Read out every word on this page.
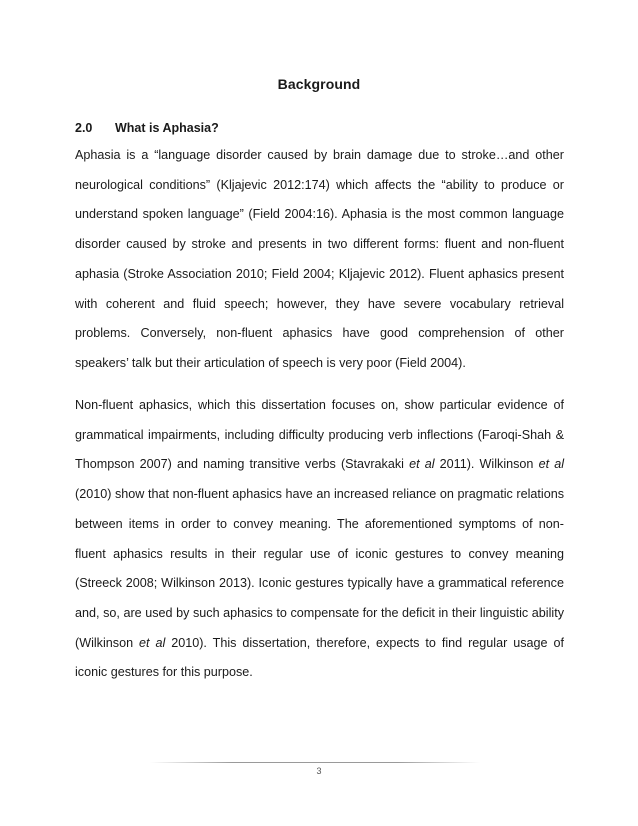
Background
2.0 What is Aphasia?

Aphasia is a “language disorder caused by brain damage due to stroke…and other neurological conditions” (Kljajevic 2012:174) which affects the “ability to produce or understand spoken language” (Field 2004:16). Aphasia is the most common language disorder caused by stroke and presents in two different forms: fluent and non-fluent aphasia (Stroke Association 2010; Field 2004; Kljajevic 2012). Fluent aphasics present with coherent and fluid speech; however, they have severe vocabulary retrieval problems. Conversely, non-fluent aphasics have good comprehension of other speakers’ talk but their articulation of speech is very poor (Field 2004).

Non-fluent aphasics, which this dissertation focuses on, show particular evidence of grammatical impairments, including difficulty producing verb inflections (Faroqi-Shah & Thompson 2007) and naming transitive verbs (Stavrakaki et al 2011). Wilkinson et al (2010) show that non-fluent aphasics have an increased reliance on pragmatic relations between items in order to convey meaning. The aforementioned symptoms of non-fluent aphasics results in their regular use of iconic gestures to convey meaning (Streeck 2008; Wilkinson 2013). Iconic gestures typically have a grammatical reference and, so, are used by such aphasics to compensate for the deficit in their linguistic ability (Wilkinson et al 2010). This dissertation, therefore, expects to find regular usage of iconic gestures for this purpose.

3
